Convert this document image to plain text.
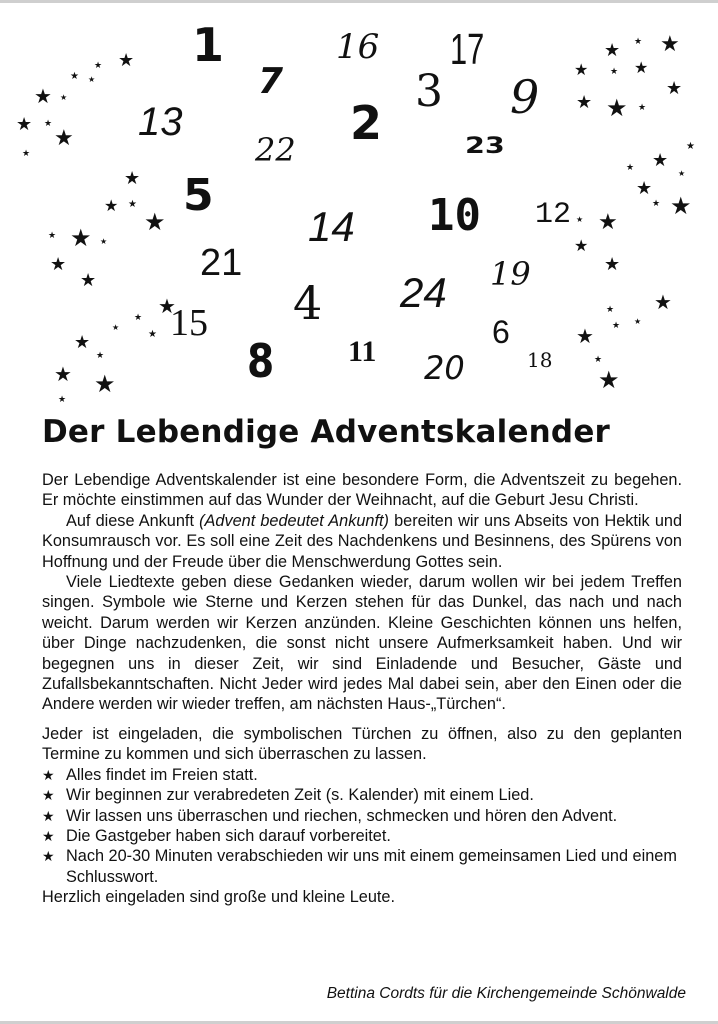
1	16 17
7	3 9
13	2
22	23
5	10 12
14
21	19
24
4
15	6
18
8 11 20
★
★
★ ★
★ ★
★ ★
★
★
★
★ ★
★
★ ★ ★
★
★
★
★
★
★
★
★
★ ★
★
★
★ ★
★	★
★
★
★ ★ ★
★
★
★
★
★
★
★
★
★
★
★
★
★
★
★
★
★
★
Der Lebendige Adventskalender

Der Lebendige Adventskalender ist eine besondere Form, die Adventszeit zu begehen. Er möchte einstimmen auf das Wunder der Weihnacht, auf die Geburt Jesu Christi.

Auf diese Ankunft (Advent bedeutet Ankunft) bereiten wir uns Abseits von Hektik und Konsumrausch vor. Es soll eine Zeit des Nachdenkens und Besinnens, des Spürens von Hoffnung und der Freude über die Menschwerdung Gottes sein.

Viele Liedtexte geben diese Gedanken wieder, darum wollen wir bei jedem Treffen singen. Symbole wie Sterne und Kerzen stehen für das Dunkel, das nach und nach weicht. Darum werden wir Kerzen anzünden. Kleine Geschichten können uns helfen, über Dinge nachzudenken, die sonst nicht unsere Aufmerksamkeit haben. Und wir begegnen uns in dieser Zeit, wir sind Einladende und Besucher, Gäste und Zufallsbekanntschaften. Nicht Jeder wird jedes Mal dabei sein, aber den Einen oder die Andere werden wir wieder treffen, am nächsten Haus-„Türchen“.

Jeder ist eingeladen, die symbolischen Türchen zu öffnen, also zu den geplanten Termine zu kommen und sich überraschen zu lassen.

★ Alles findet im Freien statt.
★ Wir beginnen zur verabredeten Zeit (s. Kalender) mit einem Lied.
★ Wir lassen uns überraschen und riechen, schmecken und hören den Advent.
★ Die Gastgeber haben sich darauf vorbereitet.
★ Nach 20-30 Minuten verabschieden wir uns mit einem gemeinsamen Lied und einem Schlusswort.

Herzlich eingeladen sind große und kleine Leute.

Bettina Cordts für die Kirchengemeinde Schönwalde
